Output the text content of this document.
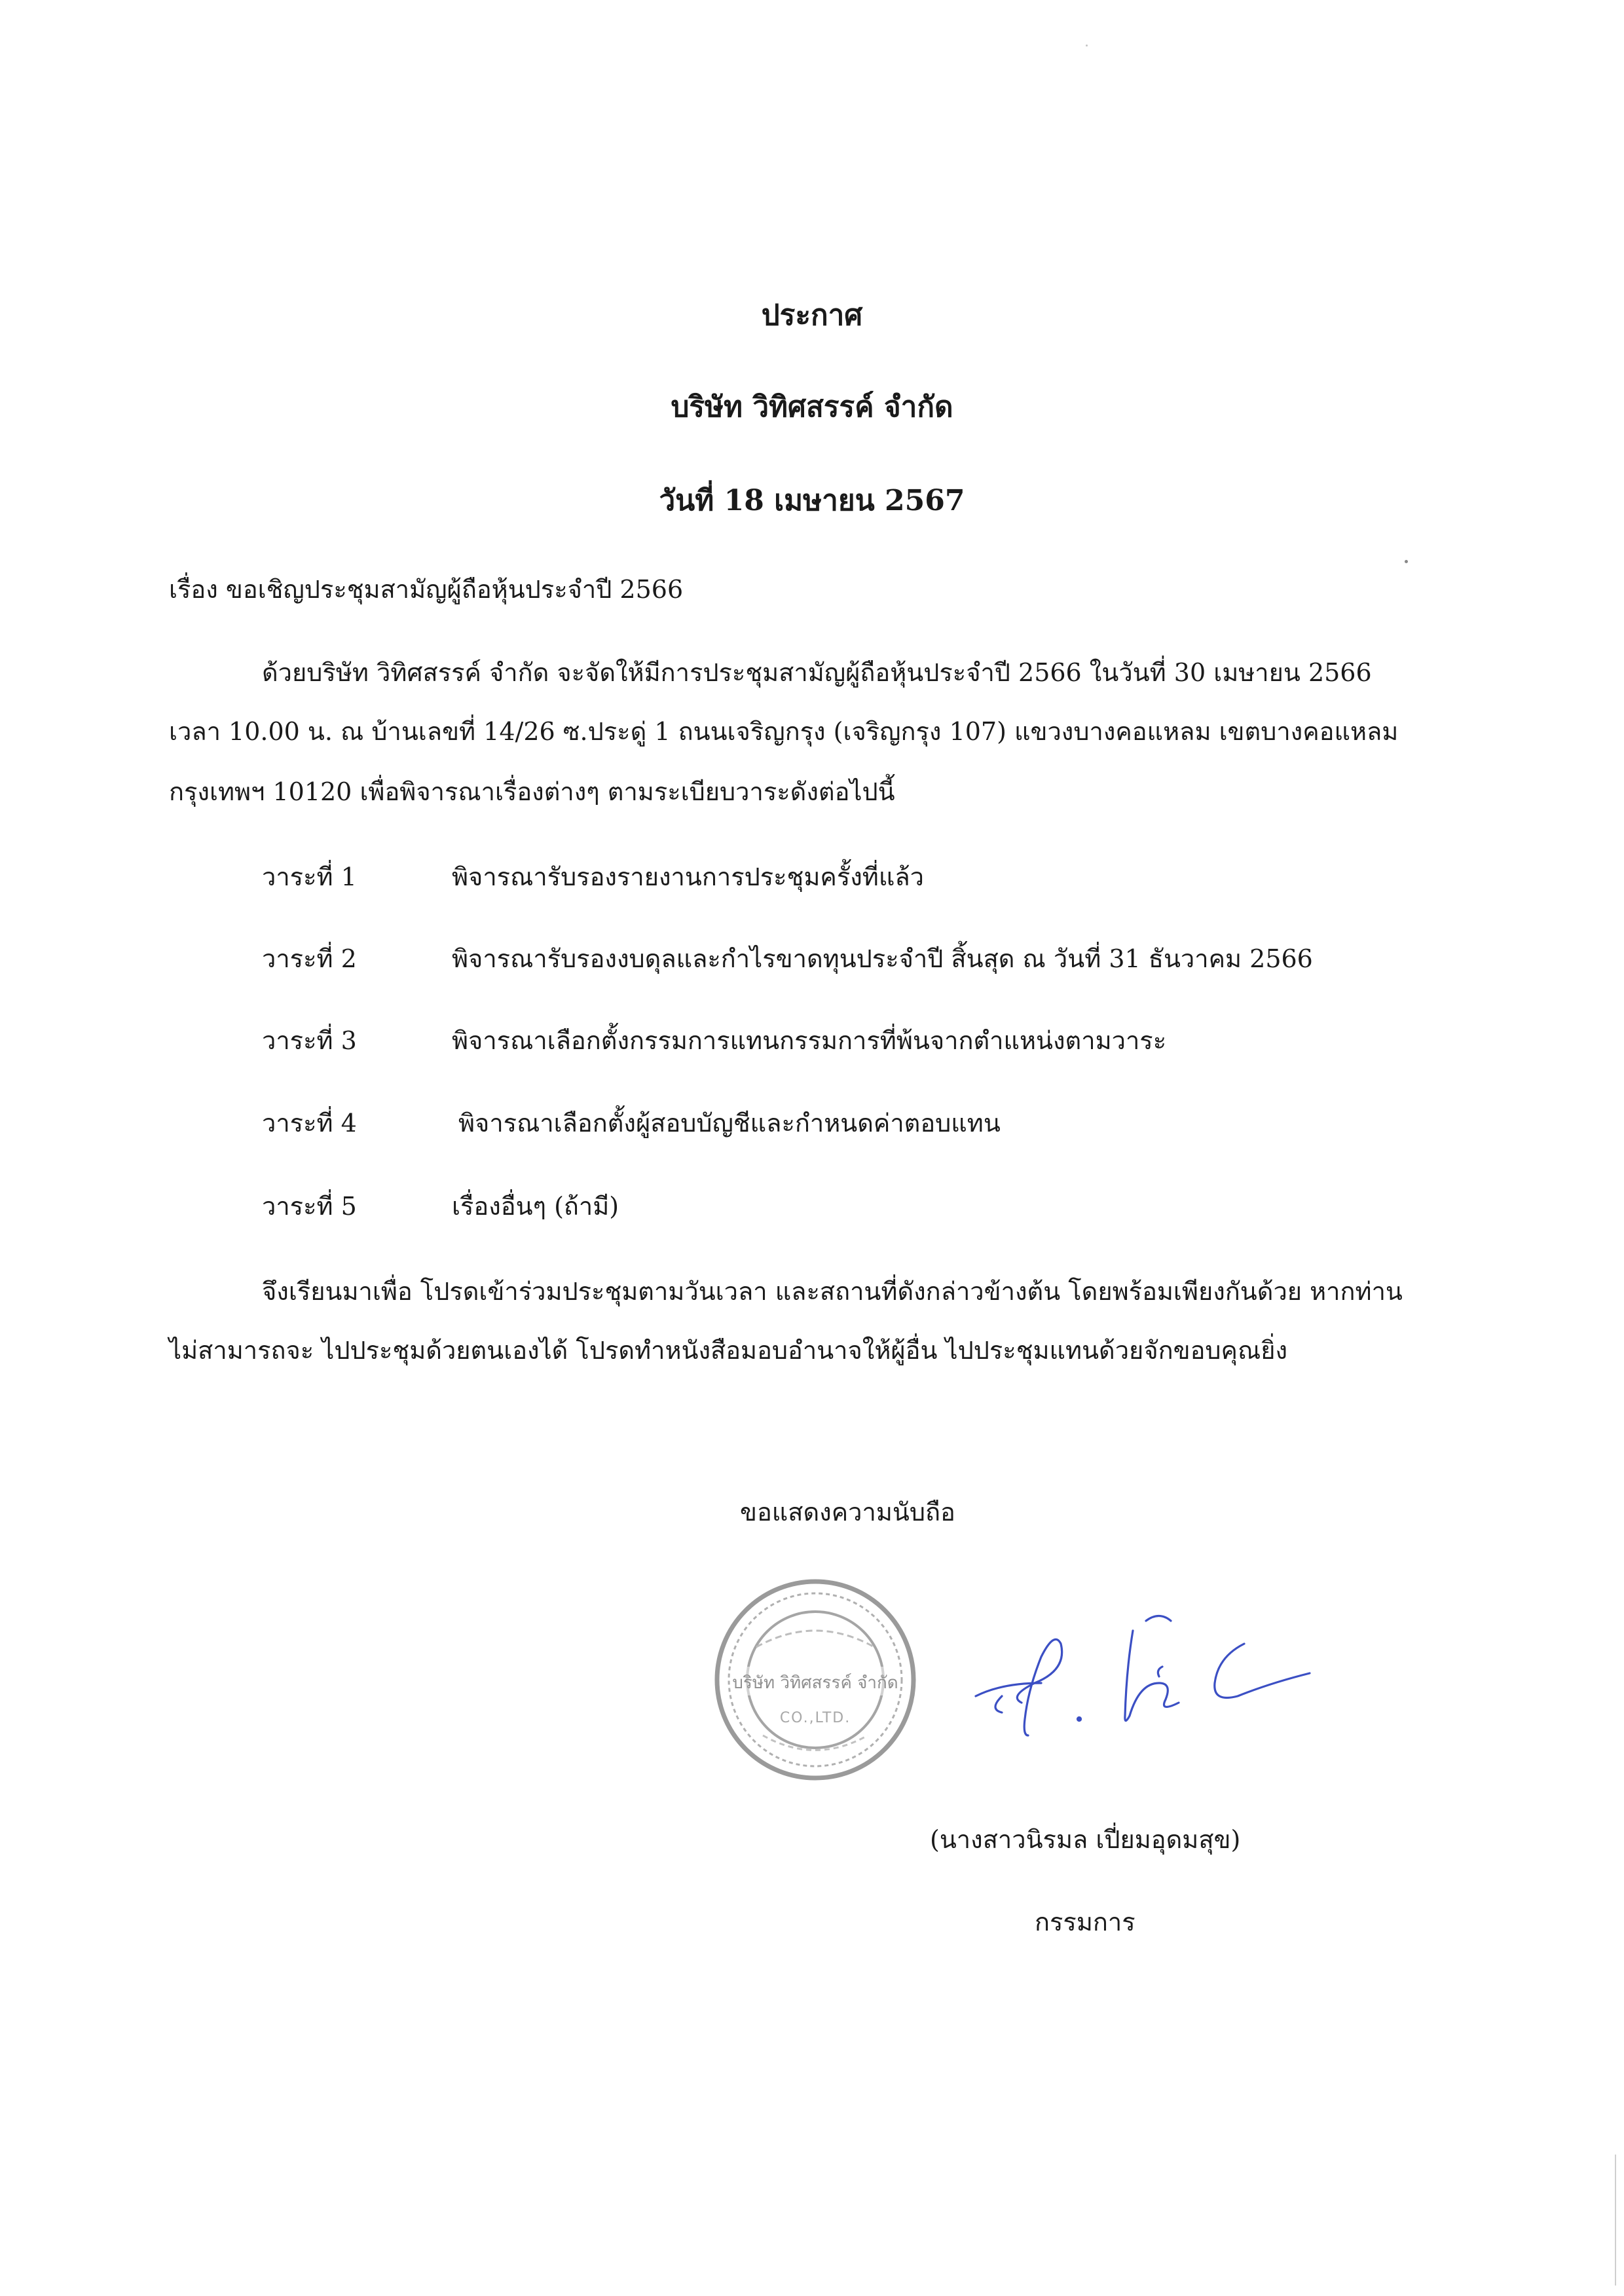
ประกาศ
บริษัท วิทิศสรรค์ จำกัด
วันที่ 18 เมษายน 2567
เรื่อง ขอเชิญประชุมสามัญผู้ถือหุ้นประจำปี 2566
ด้วยบริษัท วิทิศสรรค์ จำกัด จะจัดให้มีการประชุมสามัญผู้ถือหุ้นประจำปี 2566 ในวันที่ 30 เมษายน 2566
เวลา 10.00 น. ณ บ้านเลขที่ 14/26 ซ.ประดู่ 1 ถนนเจริญกรุง (เจริญกรุง 107) แขวงบางคอแหลม เขตบางคอแหลม
กรุงเทพฯ 10120 เพื่อพิจารณาเรื่องต่างๆ ตามระเบียบวาระดังต่อไปนี้
วาระที่ 1	พิจารณารับรองรายงานการประชุมครั้งที่แล้ว
วาระที่ 2	พิจารณารับรองงบดุลและกำไรขาดทุนประจำปี สิ้นสุด ณ วันที่ 31 ธันวาคม 2566
วาระที่ 3	พิจารณาเลือกตั้งกรรมการแทนกรรมการที่พ้นจากตำแหน่งตามวาระ
วาระที่ 4	พิจารณาเลือกตั้งผู้สอบบัญชีและกำหนดค่าตอบแทน
วาระที่ 5	เรื่องอื่นๆ (ถ้ามี)
จึงเรียนมาเพื่อ โปรดเข้าร่วมประชุมตามวันเวลา และสถานที่ดังกล่าวข้างต้น โดยพร้อมเพียงกันด้วย หากท่าน
ไม่สามารถจะ ไปประชุมด้วยตนเองได้ โปรดทำหนังสือมอบอำนาจให้ผู้อื่น ไปประชุมแทนด้วยจักขอบคุณยิ่ง
ขอแสดงความนับถือ
บริษัท วิทิศสรรค์ จำกัด
CO.,LTD.
(นางสาวนิรมล เปี่ยมอุดมสุข)
กรรมการ
